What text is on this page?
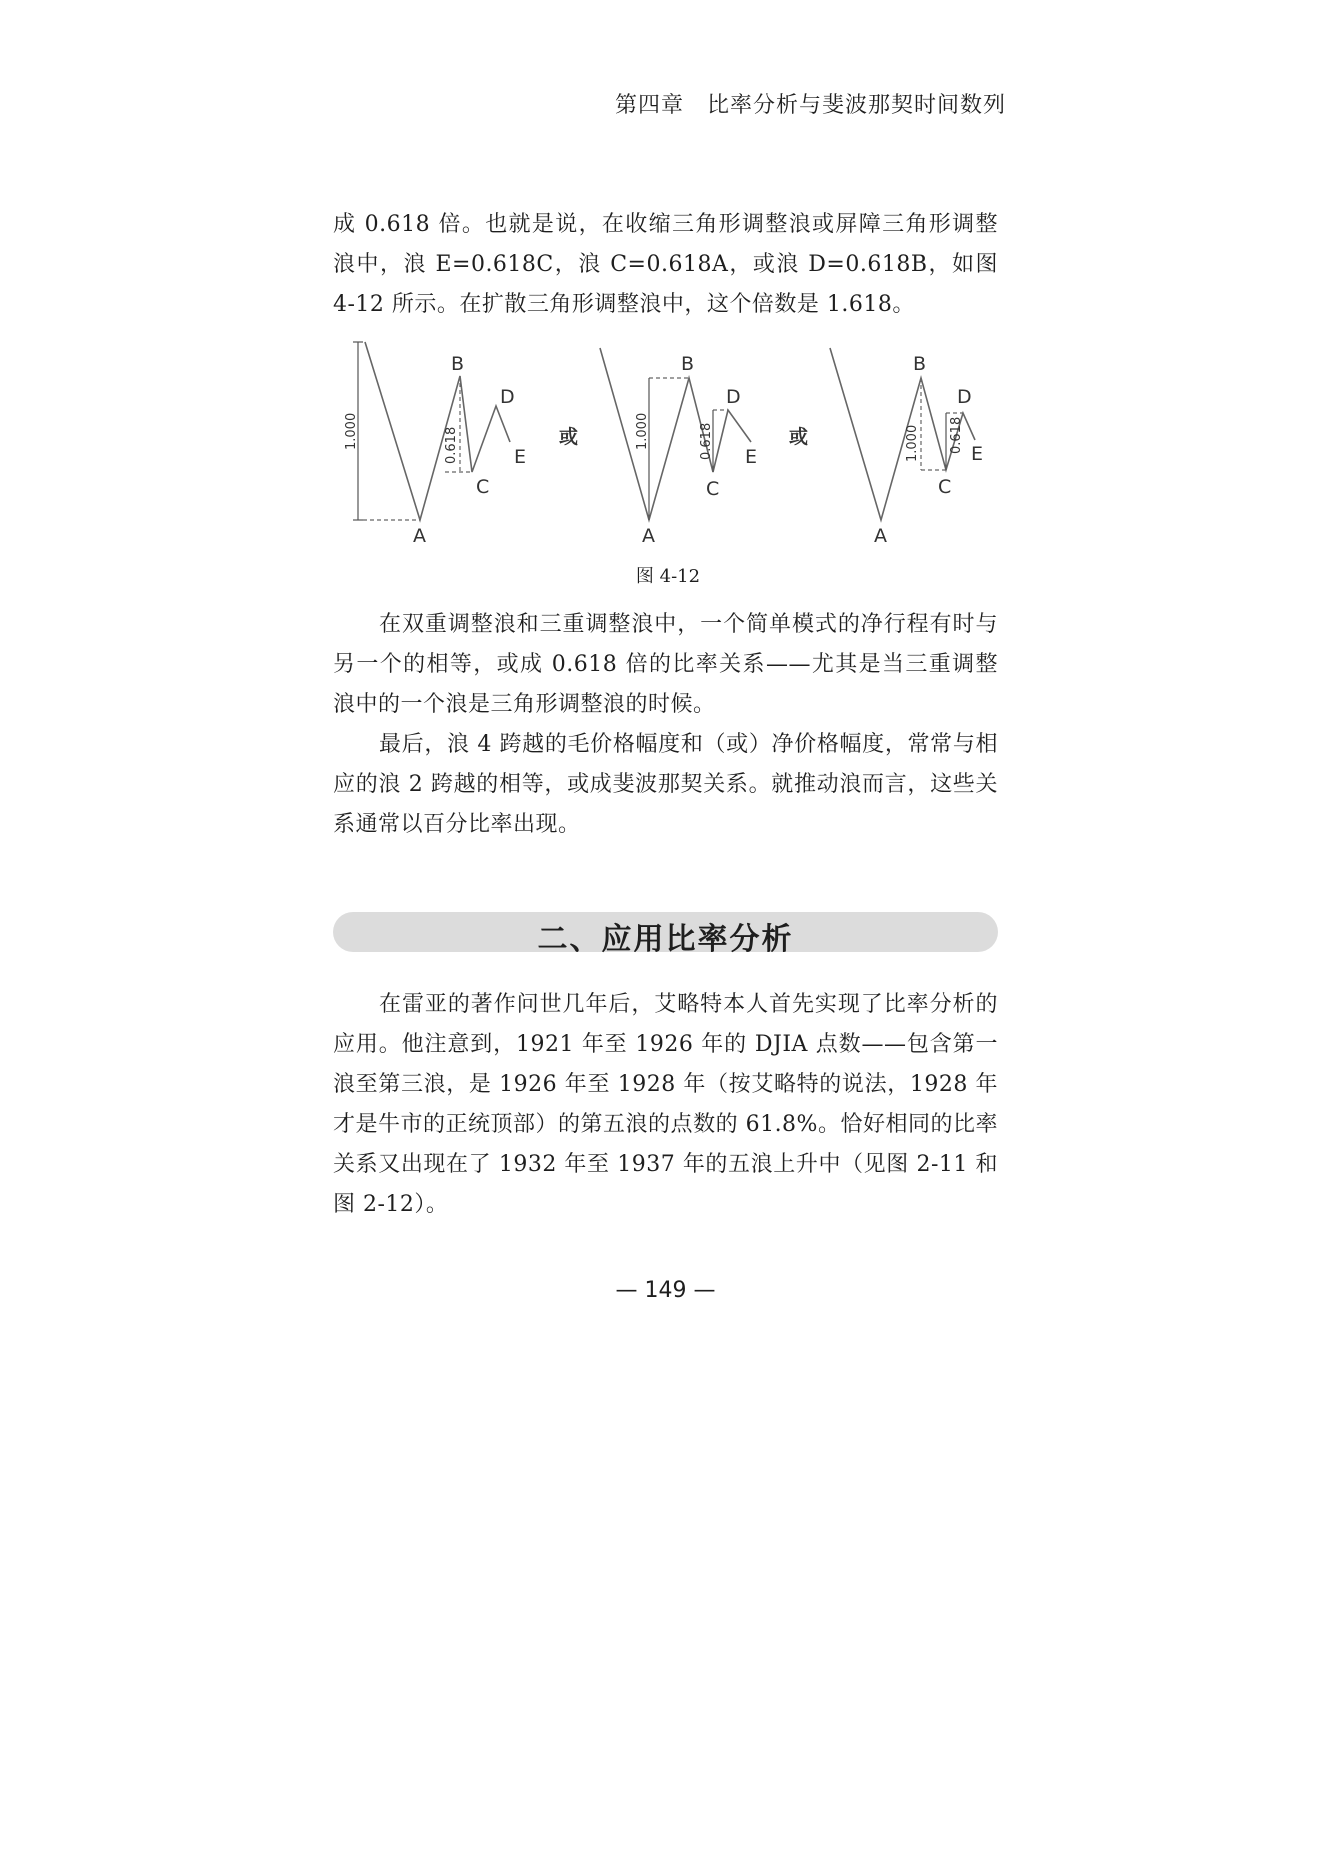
第四章　比率分析与斐波那契时间数列

成 0.618 倍。也就是说，在收缩三角形调整浪或屏障三角形调整浪中，浪 E=0.618C，浪 C=0.618A，或浪 D=0.618B，如图 4-12 所示。在扩散三角形调整浪中，这个倍数是 1.618。

1.000	0.618
A
B
C
D
E
或	1.000	0.618
A
B
C
D
E
或	1.000 0.618
A
B
C
D
E
图 4-12

在双重调整浪和三重调整浪中，一个简单模式的净行程有时与另一个的相等，或成 0.618 倍的比率关系——尤其是当三重调整浪中的一个浪是三角形调整浪的时候。

最后，浪 4 跨越的毛价格幅度和（或）净价格幅度，常常与相应的浪 2 跨越的相等，或成斐波那契关系。就推动浪而言，这些关系通常以百分比率出现。

二、应用比率分析

在雷亚的著作问世几年后，艾略特本人首先实现了比率分析的应用。他注意到，1921 年至 1926 年的 DJIA 点数——包含第一浪至第三浪，是 1926 年至 1928 年（按艾略特的说法，1928 年才是牛市的正统顶部）的第五浪的点数的 61.8%。恰好相同的比率关系又出现在了 1932 年至 1937 年的五浪上升中（见图 2-11 和图 2-12）。

— 149 —
